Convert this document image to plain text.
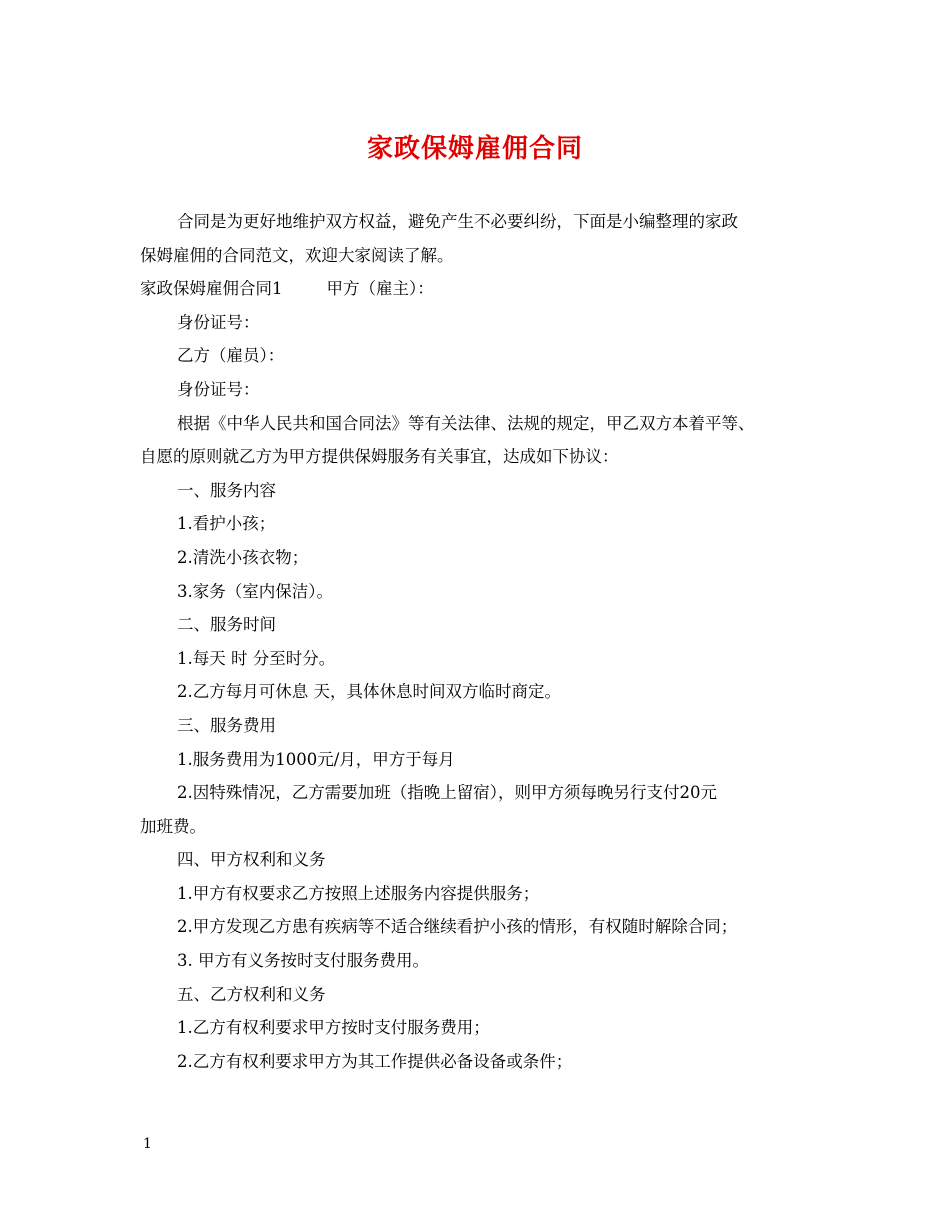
家政保姆雇佣合同

合同是为更好地维护双方权益，避免产生不必要纠纷，下面是小编整理的家政

保姆雇佣的合同范文，欢迎大家阅读了解。

家政保姆雇佣合同1	甲方（雇主）：

身份证号：

乙方（雇员）：

身份证号：

根据《中华人民共和国合同法》等有关法律、法规的规定，甲乙双方本着平等、

自愿的原则就乙方为甲方提供保姆服务有关事宜，达成如下协议：

一、服务内容

1.看护小孩；

2.清洗小孩衣物；

3.家务（室内保洁）。

二、服务时间

1.每天 时 分至时分。

2.乙方每月可休息 天，具体休息时间双方临时商定。

三、服务费用

1.服务费用为1000元/月，甲方于每月

2.因特殊情况，乙方需要加班（指晚上留宿），则甲方须每晚另行支付20元

加班费。

四、甲方权利和义务

1.甲方有权要求乙方按照上述服务内容提供服务；

2.甲方发现乙方患有疾病等不适合继续看护小孩的情形，有权随时解除合同；

3. 甲方有义务按时支付服务费用。

五、乙方权利和义务

1.乙方有权利要求甲方按时支付服务费用；

2.乙方有权利要求甲方为其工作提供必备设备或条件；

1
